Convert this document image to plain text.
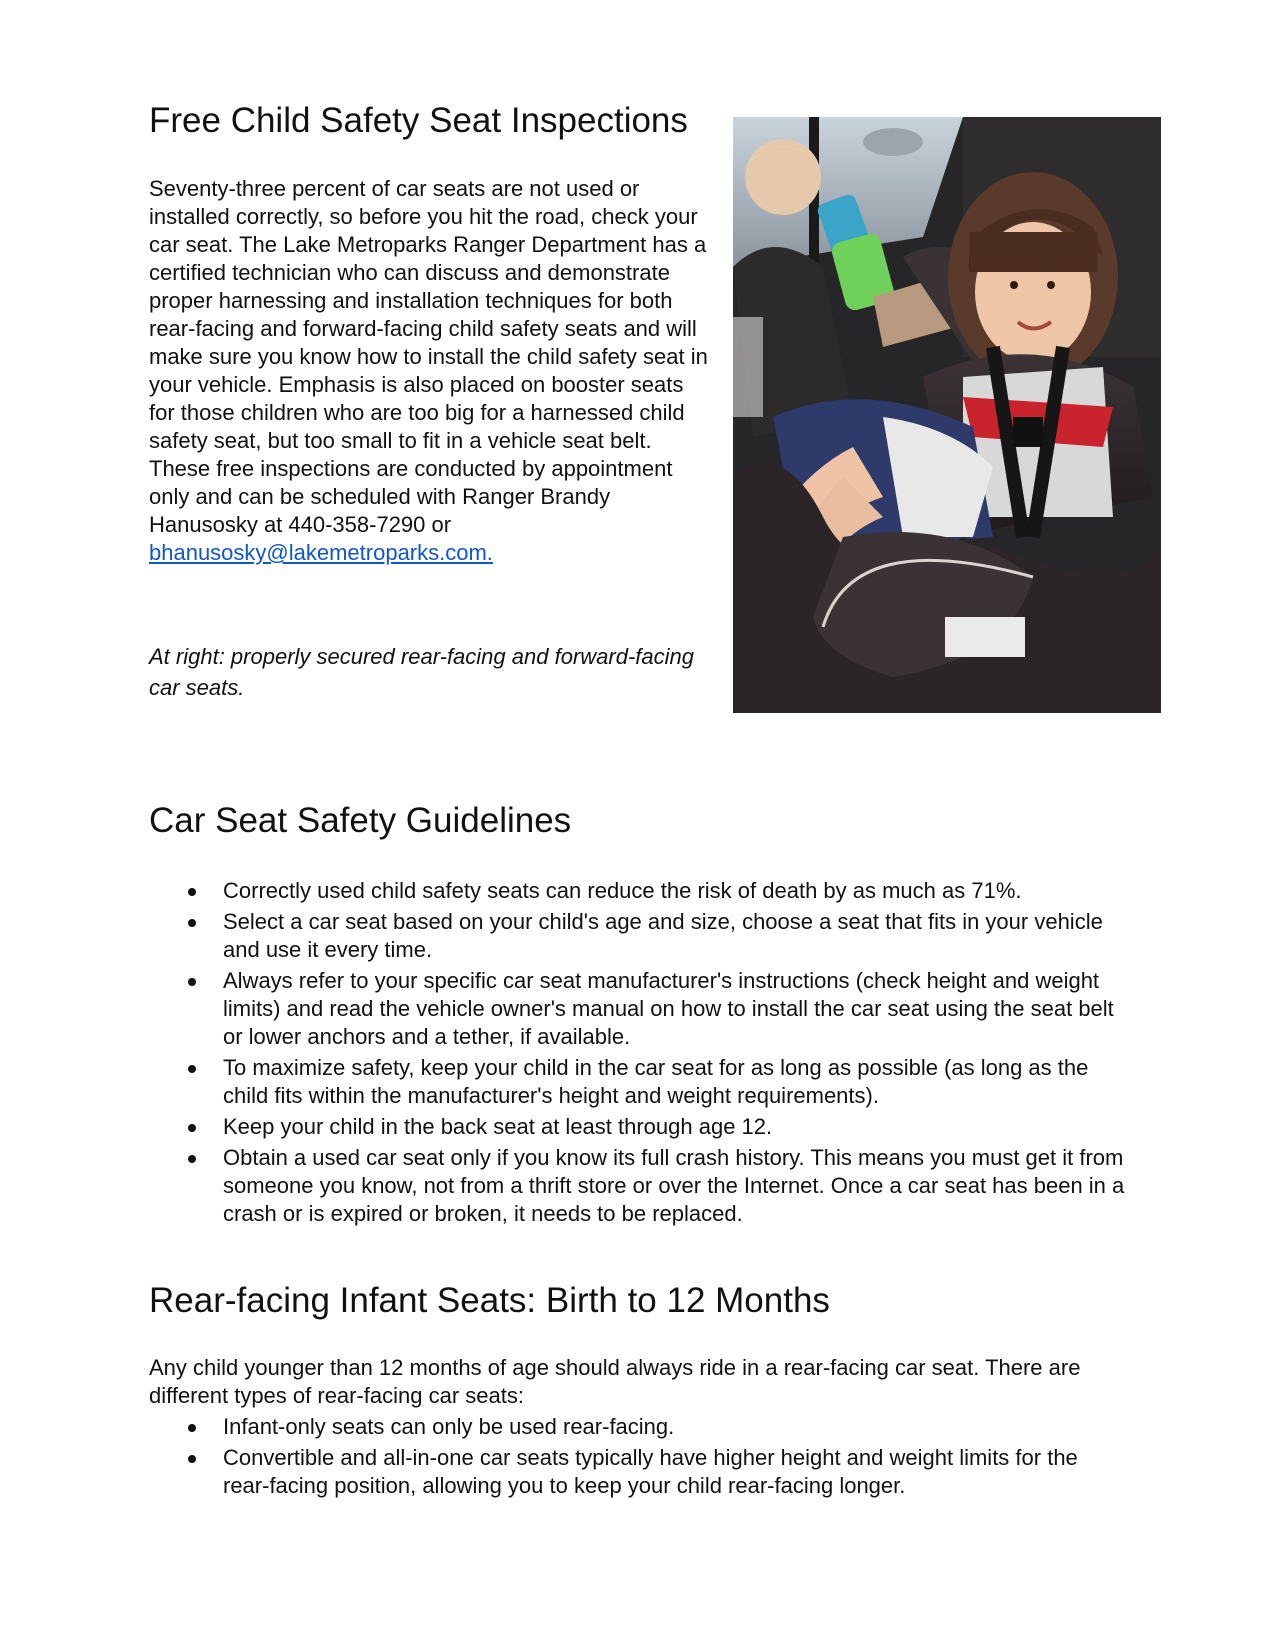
Free Child Safety Seat Inspections
Seventy-three percent of car seats are not used or installed correctly, so before you hit the road, check your car seat. The Lake Metroparks Ranger Department has a certified technician who can discuss and demonstrate proper harnessing and installation techniques for both rear-facing and forward-facing child safety seats and will make sure you know how to install the child safety seat in your vehicle. Emphasis is also placed on booster seats for those children who are too big for a harnessed child safety seat, but too small to fit in a vehicle seat belt. These free inspections are conducted by appointment only and can be scheduled with Ranger Brandy Hanusosky at 440-358-7290 or bhanusosky@lakemetroparks.com.
At right: properly secured rear-facing and forward-facing car seats.
Car Seat Safety Guidelines
Correctly used child safety seats can reduce the risk of death by as much as 71%.
Select a car seat based on your child's age and size, choose a seat that fits in your vehicle and use it every time.
Always refer to your specific car seat manufacturer's instructions (check height and weight limits) and read the vehicle owner's manual on how to install the car seat using the seat belt or lower anchors and a tether, if available.
To maximize safety, keep your child in the car seat for as long as possible (as long as the child fits within the manufacturer's height and weight requirements).
Keep your child in the back seat at least through age 12.
Obtain a used car seat only if you know its full crash history. This means you must get it from someone you know, not from a thrift store or over the Internet. Once a car seat has been in a crash or is expired or broken, it needs to be replaced.
Rear-facing Infant Seats: Birth to 12 Months
Any child younger than 12 months of age should always ride in a rear-facing car seat. There are different types of rear-facing car seats:
Infant-only seats can only be used rear-facing.
Convertible and all-in-one car seats typically have higher height and weight limits for the rear-facing position, allowing you to keep your child rear-facing longer.
